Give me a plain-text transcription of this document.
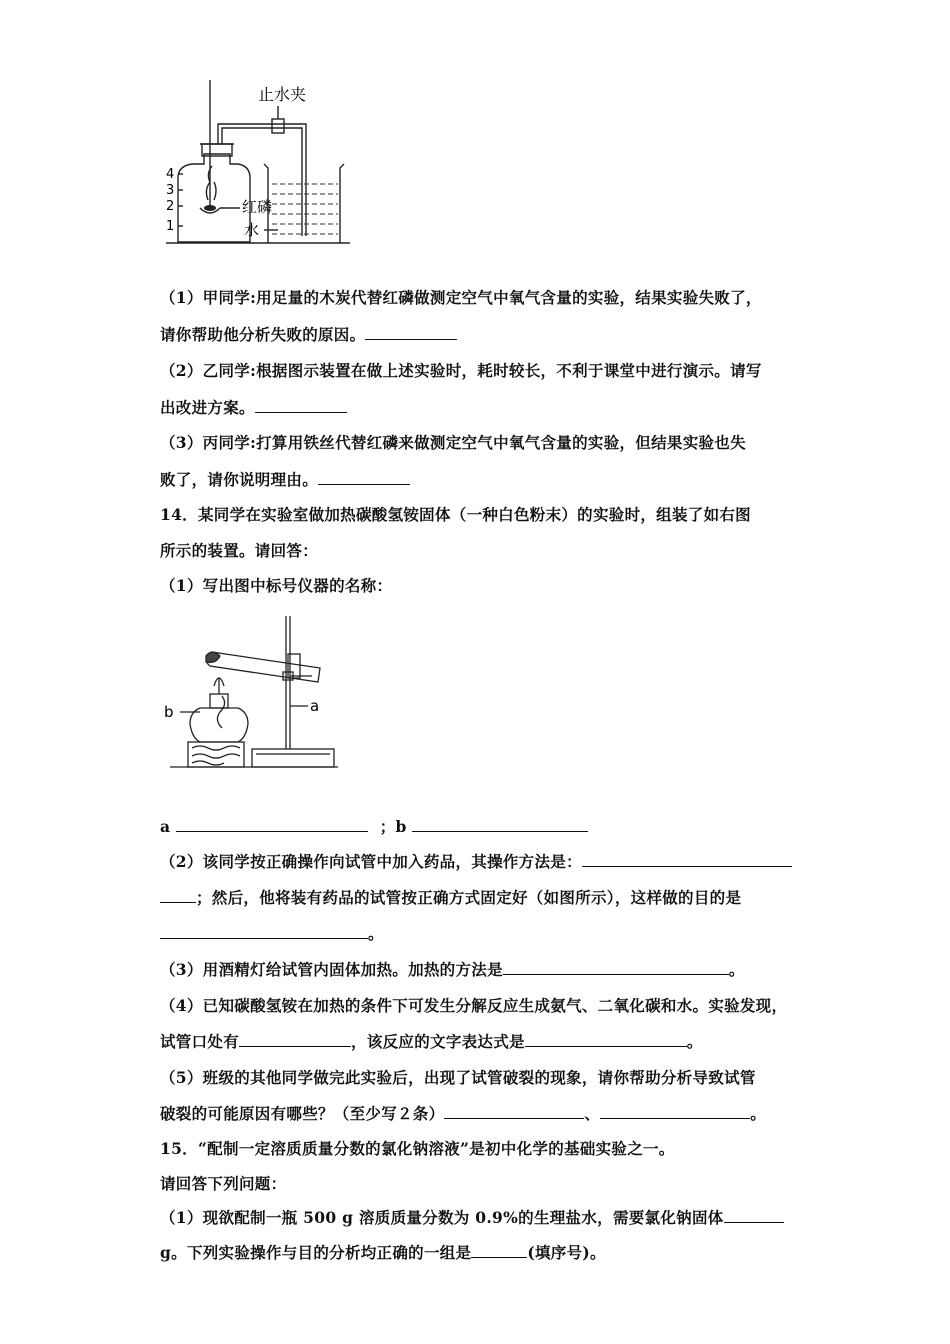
止水夹
红磷
水
4
3
2
1
（1）甲同学:用足量的木炭代替红磷做测定空气中氧气含量的实验，结果实验失败了，
请你帮助他分析失败的原因。
（2）乙同学:根据图示装置在做上述实验时，耗时较长，不利于课堂中进行演示。请写
出改进方案。
（3）丙同学:打算用铁丝代替红磷来做测定空气中氧气含量的实验，但结果实验也失
败了，请你说明理由。
14．某同学在实验室做加热碳酸氢铵固体（一种白色粉末）的实验时，组装了如右图
所示的装置。请回答：
（1）写出图中标号仪器的名称：
b	a
a	；b
（2）该同学按正确操作向试管中加入药品，其操作方法是：
；然后，他将装有药品的试管按正确方式固定好（如图所示），这样做的目的是
。
（3）用酒精灯给试管内固体加热。加热的方法是	。
（4）已知碳酸氢铵在加热的条件下可发生分解反应生成氨气、二氧化碳和水。实验发现，
试管口处有	，该反应的文字表达式是	。
（5）班级的其他同学做完此实验后，出现了试管破裂的现象，请你帮助分析导致试管
破裂的可能原因有哪些？（至少写２条）	、	。
15．“配制一定溶质质量分数的氯化钠溶液”是初中化学的基础实验之一。
请回答下列问题：
（1）现欲配制一瓶 500 g 溶质质量分数为 0.9%的生理盐水，需要氯化钠固体
g。下列实验操作与目的分析均正确的一组是	(填序号)。
